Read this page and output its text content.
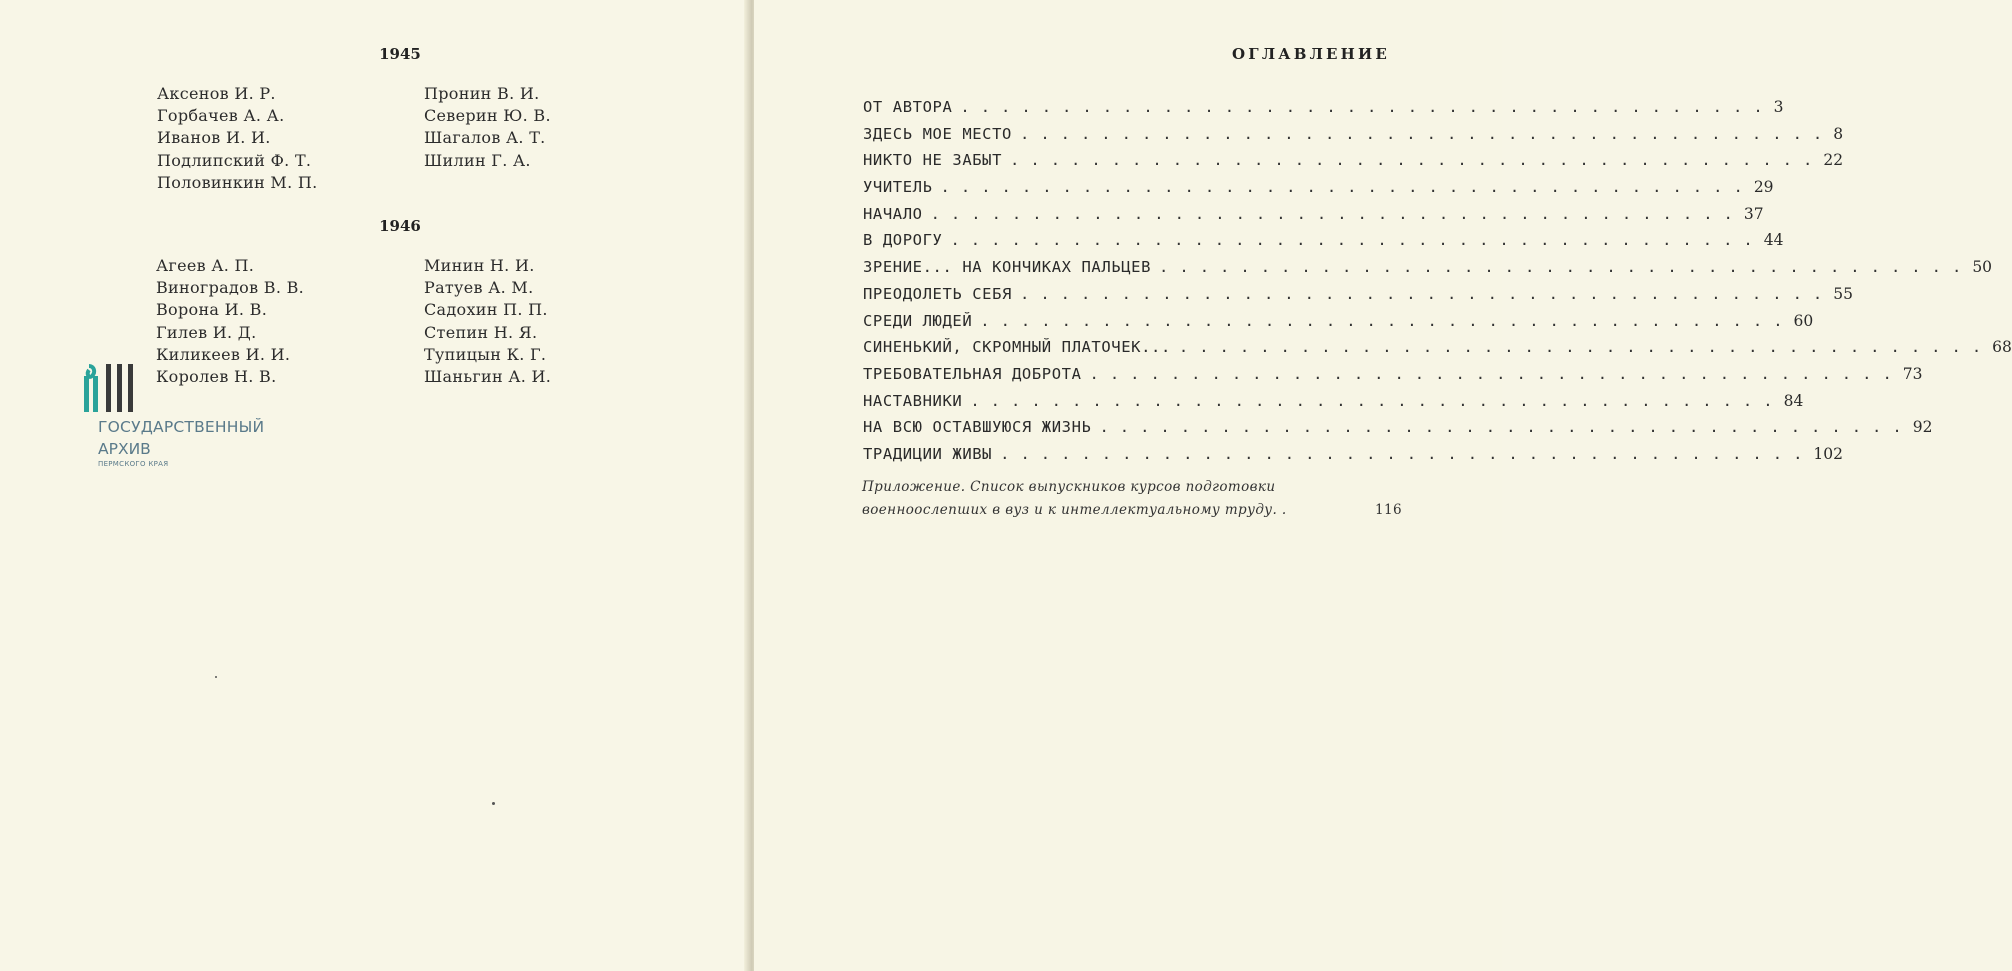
1945
Аксенов И. Р.
Горбачев А. А.
Иванов И. И.
Подлипский Ф. Т.
Половинкин М. П.
Пронин В. И.
Северин Ю. В.
Шагалов А. Т.
Шилин Г. А.
1946
Агеев А. П.
Виноградов В. В.
Ворона И. В.
Гилев И. Д.
Киликеев И. И.
Королев Н. В.
Минин Н. И.
Ратуев А. М.
Садохин П. П.
Степин Н. Я.
Тупицын К. Г.
Шаньгин А. И.
ГОСУДАРСТВЕННЫЙ
АРХИВ
ПЕРМСКОГО КРАЯ
ОГЛАВЛЕНИЕ
ОТ АВТОРА ........................................ 3
ЗДЕСЬ МОЕ МЕСТО ........................................ 8
НИКТО НЕ ЗАБЫТ ........................................ 22
УЧИТЕЛЬ ........................................ 29
НАЧАЛО ........................................ 37
В ДОРОГУ ........................................ 44
ЗРЕНИЕ... НА КОНЧИКАХ ПАЛЬЦЕВ ........................................ 50
ПРЕОДОЛЕТЬ СЕБЯ ........................................ 55
СРЕДИ ЛЮДЕЙ ........................................ 60
СИНЕНЬКИЙ, СКРОМНЫЙ ПЛАТОЧЕК... ........................................ 68
ТРЕБОВАТЕЛЬНАЯ ДОБРОТА ........................................ 73
НАСТАВНИКИ ........................................ 84
НА ВСЮ ОСТАВШУЮСЯ ЖИЗНЬ ........................................ 92
ТРАДИЦИИ ЖИВЫ ........................................ 102
Приложение. Список выпускников курсов подготовки
военноослепших в вуз и к интеллектуальному труду. .	116
